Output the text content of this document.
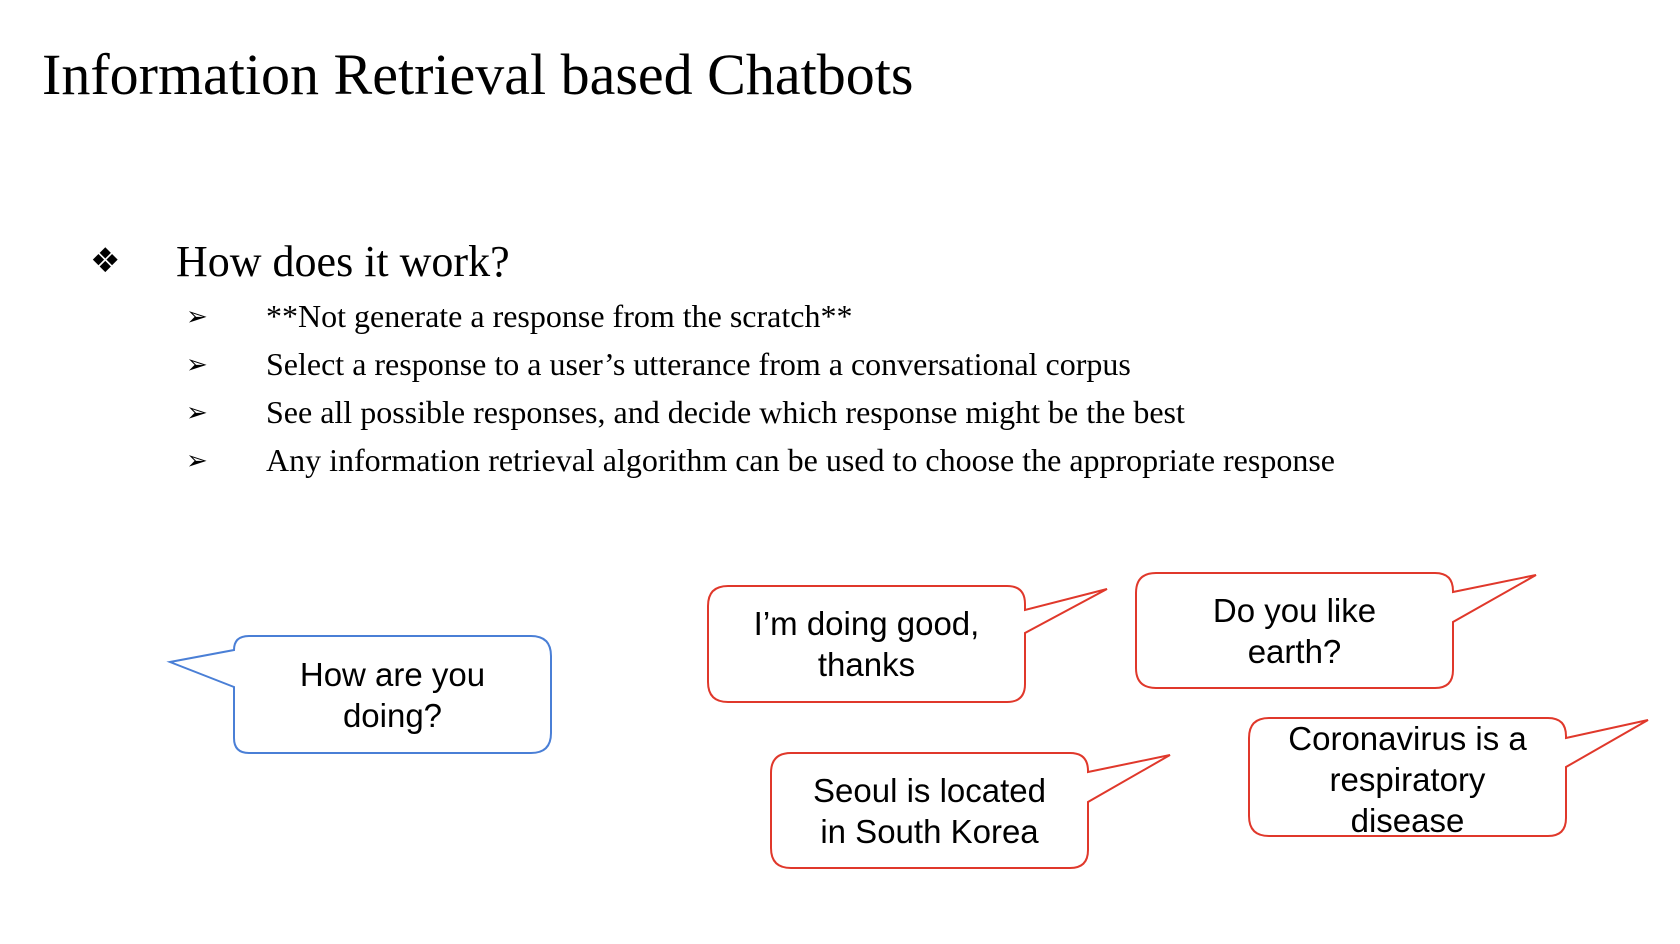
Information Retrieval based Chatbots
❖ How does it work?
➢ **Not generate a response from the scratch**
➢ Select a response to a user’s utterance from a conversational corpus
➢ See all possible responses, and decide which response might be the best
➢ Any information retrieval algorithm can be used to choose the appropriate response
How are you
doing?
I’m doing good,
thanks
Do you like
earth?
Seoul is located
in South Korea
Coronavirus is a
respiratory
disease
